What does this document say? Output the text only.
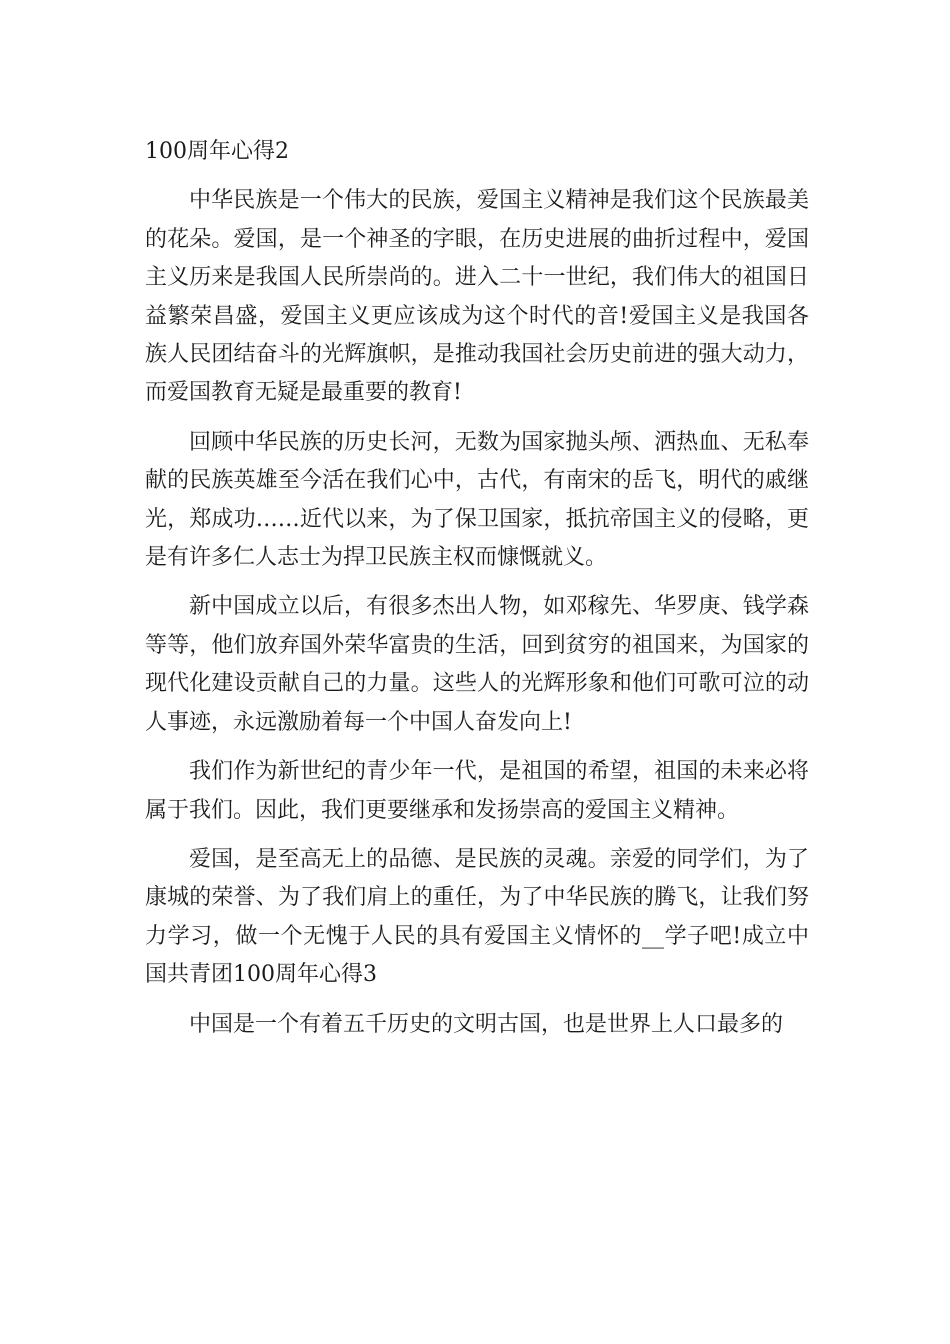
100周年心得2

中华民族是一个伟大的民族，爱国主义精神是我们这个民族最美的花朵。爱国，是一个神圣的字眼，在历史进展的曲折过程中，爱国主义历来是我国人民所崇尚的。进入二十一世纪，我们伟大的祖国日益繁荣昌盛，爱国主义更应该成为这个时代的音!爱国主义是我国各族人民团结奋斗的光辉旗帜，是推动我国社会历史前进的强大动力，而爱国教育无疑是最重要的教育!

回顾中华民族的历史长河，无数为国家抛头颅、洒热血、无私奉献的民族英雄至今活在我们心中，古代，有南宋的岳飞，明代的戚继光，郑成功……近代以来，为了保卫国家，抵抗帝国主义的侵略，更是有许多仁人志士为捍卫民族主权而慷慨就义。

新中国成立以后，有很多杰出人物，如邓稼先、华罗庚、钱学森等等，他们放弃国外荣华富贵的生活，回到贫穷的祖国来，为国家的现代化建设贡献自己的力量。这些人的光辉形象和他们可歌可泣的动人事迹，永远激励着每一个中国人奋发向上!

我们作为新世纪的青少年一代，是祖国的希望，祖国的未来必将属于我们。因此，我们更要继承和发扬崇高的爱国主义精神。

爱国，是至高无上的品德、是民族的灵魂。亲爱的同学们，为了康城的荣誉、为了我们肩上的重任，为了中华民族的腾飞，让我们努力学习，做一个无愧于人民的具有爱国主义情怀的__学子吧!成立中国共青团100周年心得3

中国是一个有着五千历史的文明古国，也是世界上人口最多的
